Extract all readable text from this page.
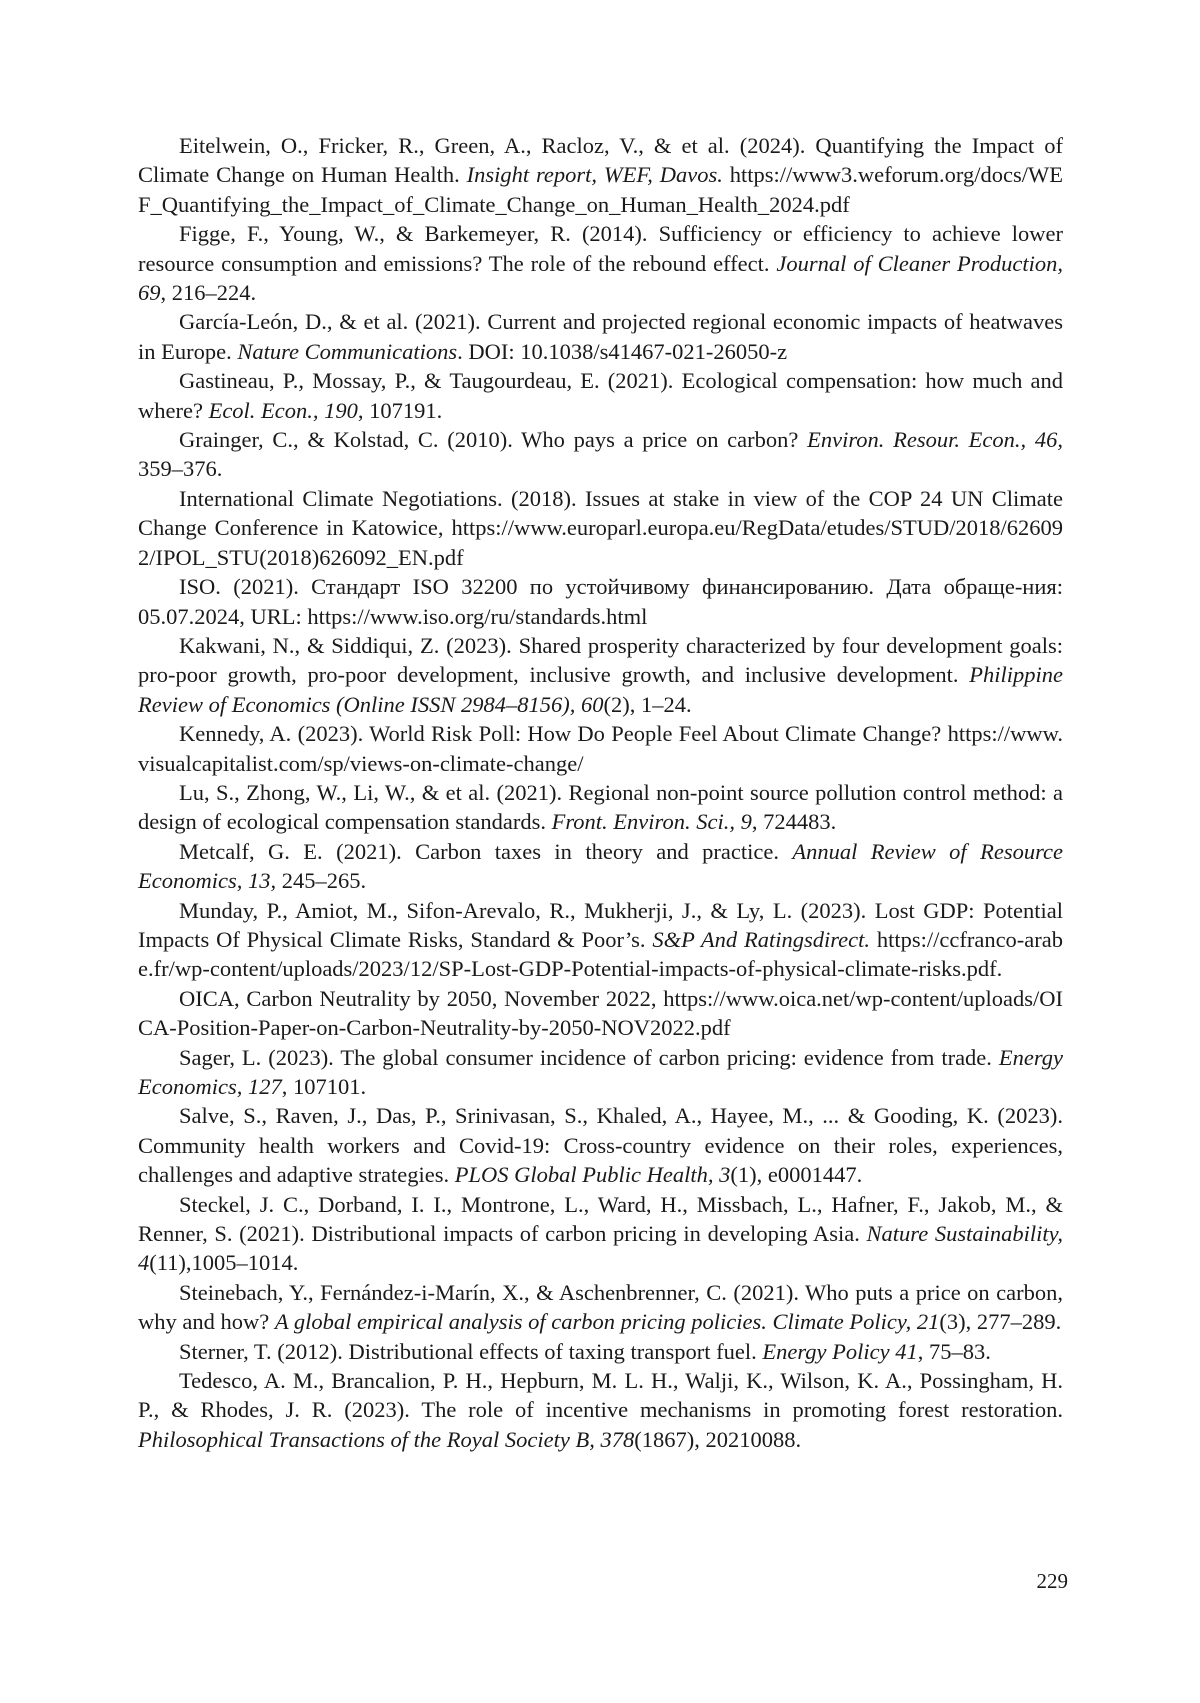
Eitelwein, O., Fricker, R., Green, A., Racloz, V., & et al. (2024). Quantifying the Impact of Climate Change on Human Health. Insight report, WEF, Davos. https://www3.weforum.org/docs/WEF_Quantifying_the_Impact_of_Climate_Change_on_Human_Health_2024.pdf

Figge, F., Young, W., & Barkemeyer, R. (2014). Sufficiency or efficiency to achieve lower resource consumption and emissions? The role of the rebound effect. Journal of Cleaner Production, 69, 216–224.

García-León, D., & et al. (2021). Current and projected regional economic impacts of heatwaves in Europe. Nature Communications. DOI: 10.1038/s41467-021-26050-z

Gastineau, P., Mossay, P., & Taugourdeau, E. (2021). Ecological compensation: how much and where? Ecol. Econ., 190, 107191.

Grainger, C., & Kolstad, C. (2010). Who pays a price on carbon? Environ. Resour. Econ., 46, 359–376.

International Climate Negotiations. (2018). Issues at stake in view of the COP 24 UN Climate Change Conference in Katowice, https://www.europarl.europa.eu/RegData/etudes/STUD/2018/626092/IPOL_STU(2018)626092_EN.pdf

ISO. (2021). Стандарт ISO 32200 по устойчивому финансированию. Дата обраще-ния: 05.07.2024, URL: https://www.iso.org/ru/standards.html

Kakwani, N., & Siddiqui, Z. (2023). Shared prosperity characterized by four development goals: pro-poor growth, pro-poor development, inclusive growth, and inclusive development. Philippine Review of Economics (Online ISSN 2984–8156), 60(2), 1–24.

Kennedy, A. (2023). World Risk Poll: How Do People Feel About Climate Change? https://www.visualcapitalist.com/sp/views-on-climate-change/

Lu, S., Zhong, W., Li, W., & et al. (2021). Regional non-point source pollution control method: a design of ecological compensation standards. Front. Environ. Sci., 9, 724483.

Metcalf, G. E. (2021). Carbon taxes in theory and practice. Annual Review of Resource Economics, 13, 245–265.

Munday, P., Amiot, M., Sifon-Arevalo, R., Mukherji, J., & Ly, L. (2023). Lost GDP: Potential Impacts Of Physical Climate Risks, Standard & Poor’s. S&P And Ratingsdirect. https://ccfranco-arabe.fr/wp-content/uploads/2023/12/SP-Lost-GDP-Potential-impacts-of-physical-climate-risks.pdf.

OICA, Carbon Neutrality by 2050, November 2022, https://www.oica.net/wp-content/uploads/OICA-Position-Paper-on-Carbon-Neutrality-by-2050-NOV2022.pdf

Sager, L. (2023). The global consumer incidence of carbon pricing: evidence from trade. Energy Economics, 127, 107101.

Salve, S., Raven, J., Das, P., Srinivasan, S., Khaled, A., Hayee, M., ... & Gooding, K. (2023). Community health workers and Covid-19: Cross-country evidence on their roles, experiences, challenges and adaptive strategies. PLOS Global Public Health, 3(1), e0001447.

Steckel, J. C., Dorband, I. I., Montrone, L., Ward, H., Missbach, L., Hafner, F., Jakob, M., & Renner, S. (2021). Distributional impacts of carbon pricing in developing Asia. Nature Sustainability, 4(11),1005–1014.

Steinebach, Y., Fernández-i-Marín, X., & Aschenbrenner, C. (2021). Who puts a price on carbon, why and how? A global empirical analysis of carbon pricing policies. Climate Policy, 21(3), 277–289.

Sterner, T. (2012). Distributional effects of taxing transport fuel. Energy Policy 41, 75–83.

Tedesco, A. M., Brancalion, P. H., Hepburn, M. L. H., Walji, K., Wilson, K. A., Possingham, H. P., & Rhodes, J. R. (2023). The role of incentive mechanisms in promoting forest restoration. Philosophical Transactions of the Royal Society B, 378(1867), 20210088.

229
